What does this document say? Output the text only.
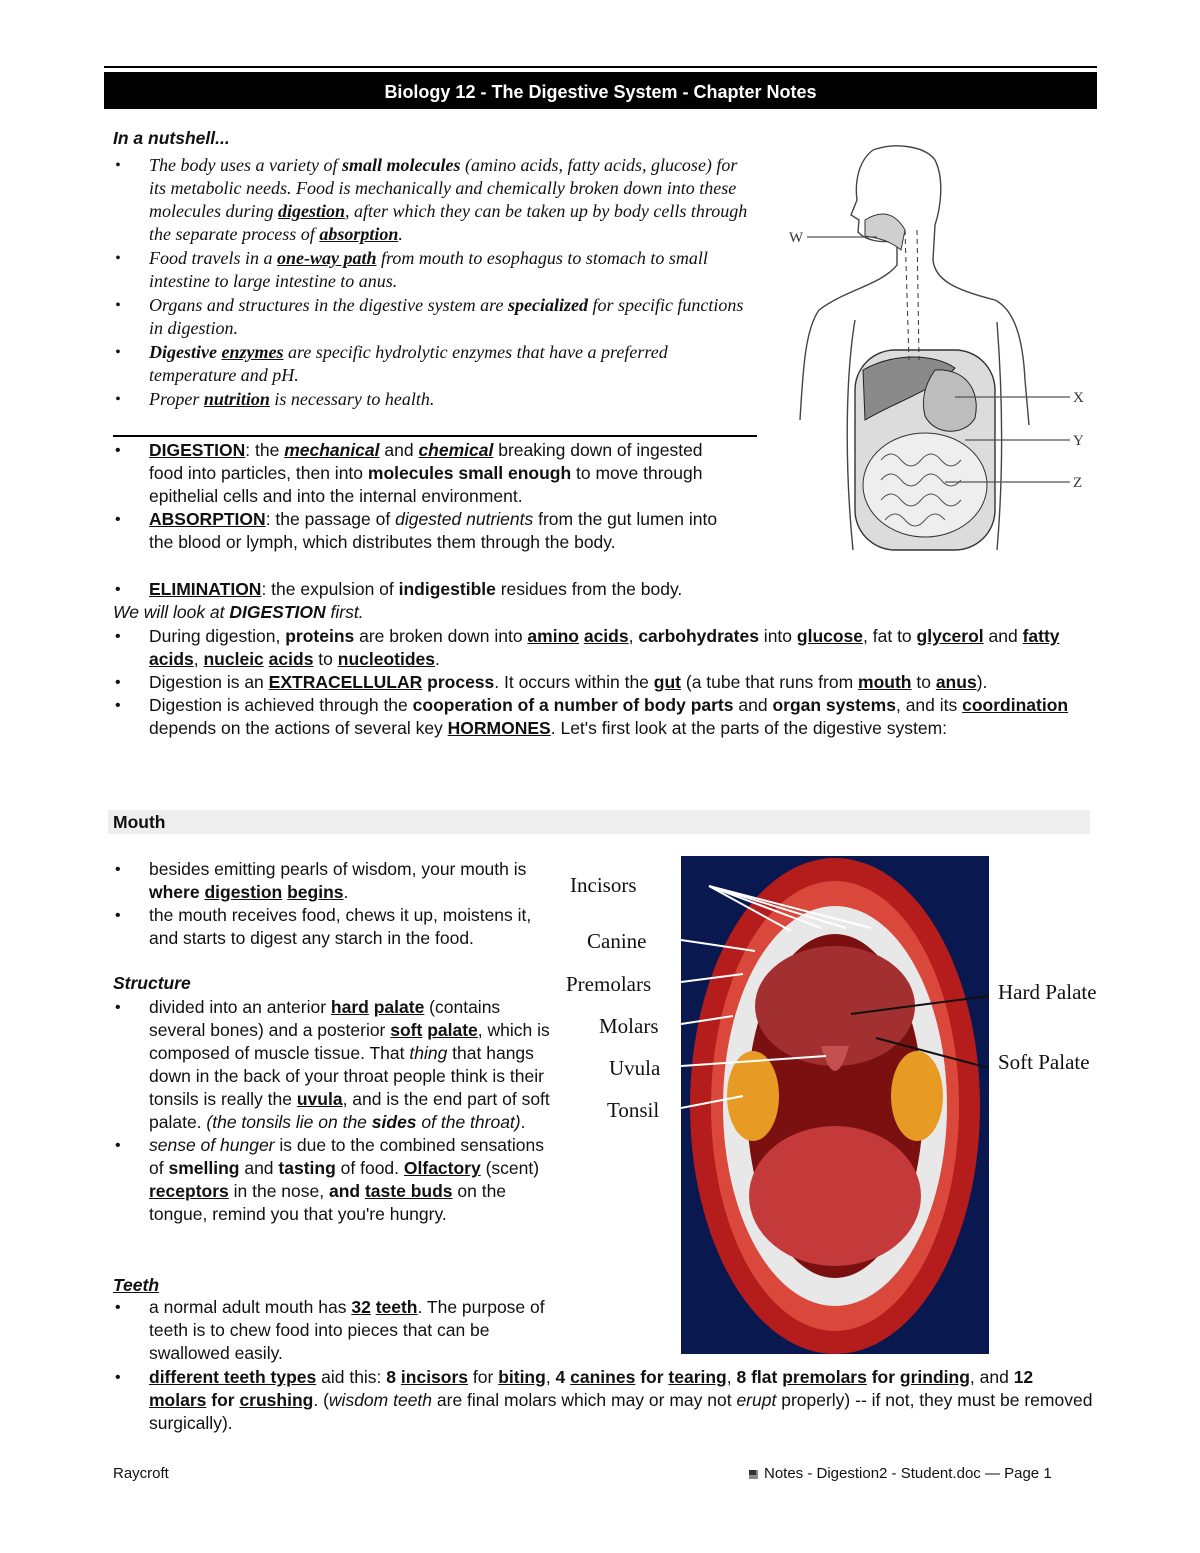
Biology 12 - The Digestive System - Chapter Notes
In a nutshell...
• The body uses a variety of small molecules (amino acids, fatty acids, glucose) for its metabolic needs. Food is mechanically and chemically broken down into these molecules during digestion, after which they can be taken up by body cells through the separate process of absorption.
• Food travels in a one-way path from mouth to esophagus to stomach to small intestine to large intestine to anus.
• Organs and structures in the digestive system are specialized for specific functions in digestion.
• Digestive enzymes are specific hydrolytic enzymes that have a preferred temperature and pH.
• Proper nutrition is necessary to health.
• DIGESTION: the mechanical and chemical breaking down of ingested food into particles, then into molecules small enough to move through epithelial cells and into the internal environment.
• ABSORPTION: the passage of digested nutrients from the gut lumen into the blood or lymph, which distributes them through the body.
• ELIMINATION: the expulsion of indigestible residues from the body.
We will look at DIGESTION first.
• During digestion, proteins are broken down into amino acids, carbohydrates into glucose, fat to glycerol and fatty acids, nucleic acids to nucleotides.
• Digestion is an EXTRACELLULAR process. It occurs within the gut (a tube that runs from mouth to anus).
• Digestion is achieved through the cooperation of a number of body parts and organ systems, and its coordination depends on the actions of several key HORMONES. Let's first look at the parts of the digestive system:
Mouth
• besides emitting pearls of wisdom, your mouth is where digestion begins.
• the mouth receives food, chews it up, moistens it, and starts to digest any starch in the food.
Structure
• divided into an anterior hard palate (contains several bones) and a posterior soft palate, which is composed of muscle tissue. That thing that hangs down in the back of your throat people think is their tonsils is really the uvula, and is the end part of soft palate. (the tonsils lie on the sides of the throat).
• sense of hunger is due to the combined sensations of smelling and tasting of food. Olfactory (scent) receptors in the nose, and taste buds on the tongue, remind you that you're hungry.
Teeth
• a normal adult mouth has 32 teeth. The purpose of teeth is to chew food into pieces that can be swallowed easily.
• different teeth types aid this: 8 incisors for biting, 4 canines for tearing, 8 flat premolars for grinding, and 12 molars for crushing. (wisdom teeth are final molars which may or may not erupt properly) -- if not, they must be removed surgically).
W
X
Y
Z
Incisors
Canine
Premolars
Molars
Uvula
Tonsil
Hard Palate
Soft Palate
Raycroft	Notes - Digestion2 - Student.doc — Page 1
